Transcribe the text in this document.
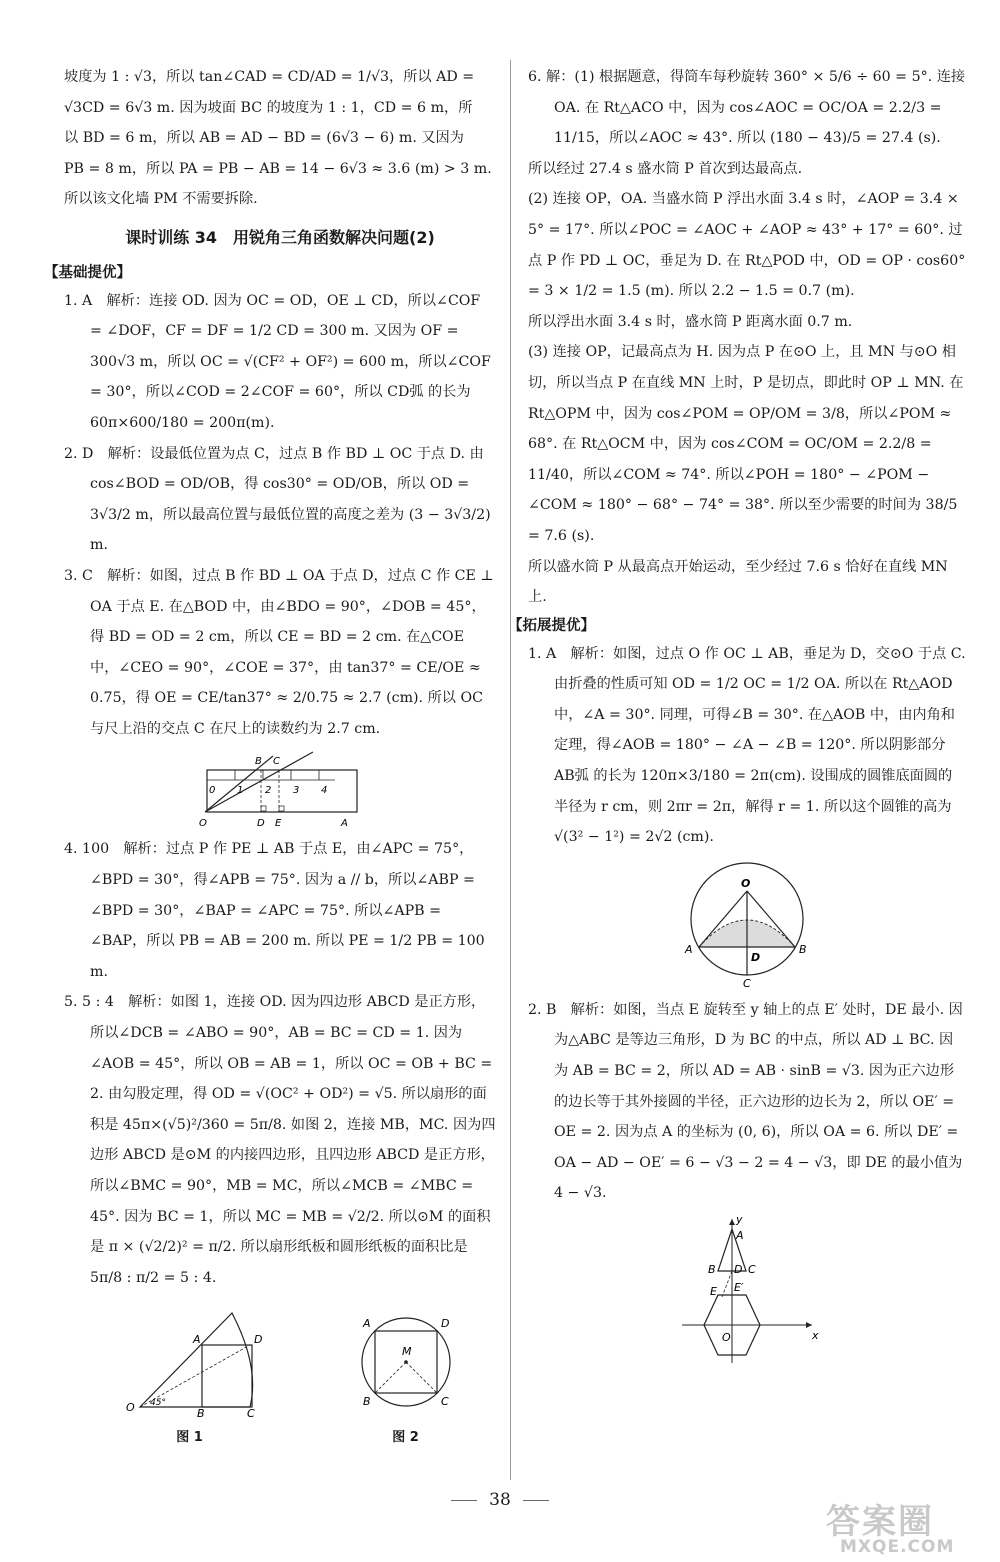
坡度为 1 : √3，所以 tan∠CAD = CD/AD = 1/√3，所以 AD =

√3CD = 6√3 m. 因为坡面 BC 的坡度为 1 : 1，CD = 6 m，所

以 BD = 6 m，所以 AB = AD − BD = (6√3 − 6) m. 又因为

PB = 8 m，所以 PA = PB − AB = 14 − 6√3 ≈ 3.6 (m) > 3 m.

所以该文化墙 PM 不需要拆除.

课时训练 34　用锐角三角函数解决问题(2)
【基础提优】

1. A　解析：连接 OD. 因为 OC = OD，OE ⊥ CD，所以∠COF = ∠DOF，CF = DF = 1/2 CD = 300 m. 又因为 OF = 300√3 m，所以 OC = √(CF² + OF²) = 600 m，所以∠COF = 30°，所以∠COD = 2∠COF = 60°，所以 CD弧 的长为 60π×600/180 = 200π(m).

2. D　解析：设最低位置为点 C，过点 B 作 BD ⊥ OC 于点 D. 由 cos∠BOD = OD/OB，得 cos30° = OD/OB，所以 OD = 3√3/2 m，所以最高位置与最低位置的高度之差为 (3 − 3√3/2) m.

3. C　解析：如图，过点 B 作 BD ⊥ OA 于点 D，过点 C 作 CE ⊥ OA 于点 E. 在△BOD 中，由∠BDO = 90°，∠DOB = 45°，得 BD = OD = 2 cm，所以 CE = BD = 2 cm. 在△COE 中，∠CEO = 90°，∠COE = 37°，由 tan37° = CE/OE ≈ 0.75，得 OE = CE/tan37° ≈ 2/0.75 ≈ 2.7 (cm). 所以 OC 与尺上沿的交点 C 在尺上的读数约为 2.7 cm.

0 1 2 3 4
B C
O	D E	A

4. 100　解析：过点 P 作 PE ⊥ AB 于点 E，由∠APC = 75°，∠BPD = 30°，得∠APB = 75°. 因为 a // b，所以∠ABP = ∠BPD = 30°，∠BAP = ∠APC = 75°. 所以∠APB = ∠BAP，所以 PB = AB = 200 m. 所以 PE = 1/2 PB = 100 m.

5. 5 : 4　解析：如图 1，连接 OD. 因为四边形 ABCD 是正方形，所以∠DCB = ∠ABO = 90°，AB = BC = CD = 1. 因为∠AOB = 45°，所以 OB = AB = 1，所以 OC = OB + BC = 2. 由勾股定理，得 OD = √(OC² + OD²) = √5. 所以扇形的面积是 45π×(√5)²/360 = 5π/8. 如图 2，连接 MB，MC. 因为四边形 ABCD 是⊙M 的内接四边形，且四边形 ABCD 是正方形，所以∠BMC = 90°，MB = MC，所以∠MCB = ∠MBC = 45°. 因为 BC = 1，所以 MC = MB = √2/2. 所以⊙M 的面积是 π × (√2/2)² = π/2. 所以扇形纸板和圆形纸板的面积比是 5π/8 : π/2 = 5 : 4.

O 45°
A	D
B	C
图 1
M
A	D
B	C
图 2

6. 解：(1) 根据题意，得筒车每秒旋转 360° × 5/6 ÷ 60 = 5°. 连接 OA. 在 Rt△ACO 中，因为 cos∠AOC = OC/OA = 2.2/3 = 11/15，所以∠AOC ≈ 43°. 所以 (180 − 43)/5 = 27.4 (s).

所以经过 27.4 s 盛水筒 P 首次到达最高点.

(2) 连接 OP，OA. 当盛水筒 P 浮出水面 3.4 s 时，∠AOP = 3.4 × 5° = 17°. 所以∠POC = ∠AOC + ∠AOP ≈ 43° + 17° = 60°. 过点 P 作 PD ⊥ OC，垂足为 D. 在 Rt△POD 中，OD = OP · cos60° = 3 × 1/2 = 1.5 (m). 所以 2.2 − 1.5 = 0.7 (m).

所以浮出水面 3.4 s 时，盛水筒 P 距离水面 0.7 m.

(3) 连接 OP，记最高点为 H. 因为点 P 在⊙O 上，且 MN 与⊙O 相切，所以当点 P 在直线 MN 上时，P 是切点，即此时 OP ⊥ MN. 在 Rt△OPM 中，因为 cos∠POM = OP/OM = 3/8，所以∠POM ≈ 68°. 在 Rt△OCM 中，因为 cos∠COM = OC/OM = 2.2/8 = 11/40，所以∠COM ≈ 74°. 所以∠POH = 180° − ∠POM − ∠COM ≈ 180° − 68° − 74° = 38°. 所以至少需要的时间为 38/5 = 7.6 (s).

所以盛水筒 P 从最高点开始运动，至少经过 7.6 s 恰好在直线 MN 上.

【拓展提优】

1. A　解析：如图，过点 O 作 OC ⊥ AB，垂足为 D，交⊙O 于点 C. 由折叠的性质可知 OD = 1/2 OC = 1/2 OA. 所以在 Rt△AOD 中，∠A = 30°. 同理，可得∠B = 30°. 在△AOB 中，由内角和定理，得∠AOB = 180° − ∠A − ∠B = 120°. 所以阴影部分 AB弧 的长为 120π×3/180 = 2π(cm). 设围成的圆锥底面圆的半径为 r cm，则 2πr = 2π，解得 r = 1. 所以这个圆锥的高为 √(3² − 1²) = 2√2 (cm).

O
A	B
D
C

2. B　解析：如图，当点 E 旋转至 y 轴上的点 E′ 处时，DE 最小. 因为△ABC 是等边三角形，D 为 BC 的中点，所以 AD ⊥ BC. 因为 AB = BC = 2，所以 AD = AB · sinB = √3. 因为正六边形的边长等于其外接圆的半径，正六边形的边长为 2，所以 OE′ = OE = 2. 因为点 A 的坐标为 (0, 6)，所以 OA = 6. 所以 DE′ = OA − AD − OE′ = 6 − √3 − 2 = 4 − √3，即 DE 的最小值为 4 − √3.

y
x
A
B D C
E E′
O
38
答案圈
MXQE.COM
